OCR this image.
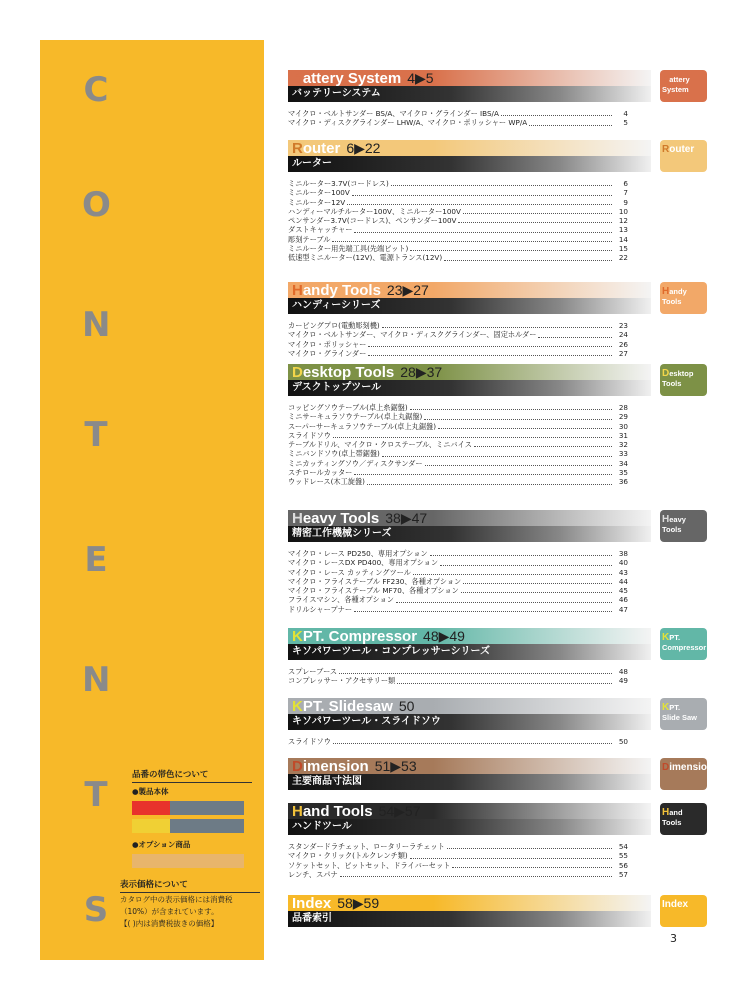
C
O
N
T
E
N
T
S
品番の帯色について
●製品本体
●オプション商品
表示価格について
カタログ中の表示価格には消費税
（10%）が含まれています。
【( )内は消費税抜きの価格】
Battery System 4▶5
バッテリーシステム
Battery
System
マイクロ・ベルトサンダー BS/A、マイクロ・グラインダー IBS/A	4
マイクロ・ディスクグラインダー LHW/A、マイクロ・ポリッシャー WP/A	5
Router 6▶22
ルーター
Router
ミニルーター3.7V(コードレス)	6
ミニルーター100V	7
ミニルーター12V	9
ハンディーマルチルーター100V、ミニルーター100V	10
ペンサンダー3.7V(コードレス)、ペンサンダー100V	12
ダストキャッチャー	13
彫刻テーブル	14
ミニルーター用先端工具(先端ビット)	15
低速型ミニルーター(12V)、電源トランス(12V)	22
Handy Tools 23▶27
ハンディーシリーズ
Handy
Tools
カービングプロ(電動彫刻機)	23
マイクロ・ベルトサンダー、マイクロ・ディスクグラインダー、固定ホルダー	24
マイクロ・ポリッシャー	26
マイクロ・グラインダー	27
Desktop Tools 28▶37
デスクトップツール
Desktop
Tools
コッピングソウテーブル(卓上糸鋸盤)	28
ミニサーキュラソウテーブル(卓上丸鋸盤)	29
スーパーサーキュラソウテーブル(卓上丸鋸盤)	30
スライドソウ	31
テーブルドリル、マイクロ・クロステーブル、ミニバイス	32
ミニバンドソウ(卓上帯鋸盤)	33
ミニカッティングソウ／ディスクサンダー	34
スチロールカッター	35
ウッドレース(木工旋盤)	36
Heavy Tools 38▶47
精密工作機械シリーズ
Heavy
Tools
マイクロ・レース PD250、専用オプション	38
マイクロ・レースDX PD400、専用オプション	40
マイクロ・レース カッティングツール	43
マイクロ・フライステーブル FF230、各種オプション	44
マイクロ・フライステーブル MF70、各種オプション	45
フライスマシン、各種オプション	46
ドリルシャープナー	47
KPT. Compressor 48▶49
キソパワーツール・コンプレッサーシリーズ
KPT.
Compressor
スプレーブース	48
コンプレッサー・アクセサリー類	49
KPT. Slidesaw 50
キソパワーツール・スライドソウ
KPT.
Slide Saw
スライドソウ	50
Dimension 51▶53
主要商品寸法図
Dimension
Hand Tools 54▶57
ハンドツール
Hand
Tools
スタンダードラチェット、ロータリーラチェット	54
マイクロ・クリック(トルクレンチ類)	55
ソケットセット、ビットセット、ドライバーセット	56
レンチ、スパナ	57
Index 58▶59
品番索引
Index
3
